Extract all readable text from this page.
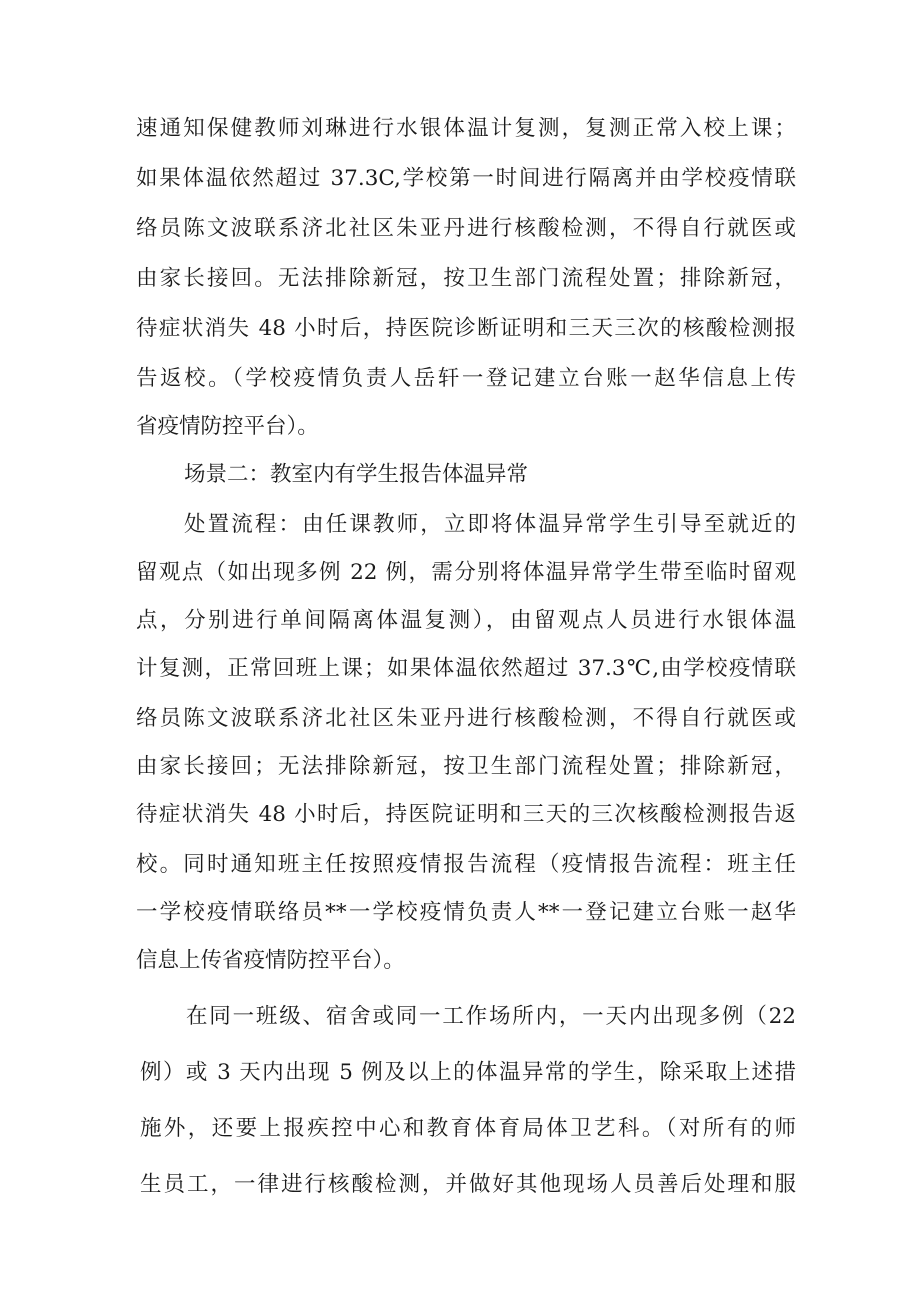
速通知保健教师刘琳进行水银体温计复测，复测正常入校上课；

如果体温依然超过 37.3C,学校第一时间进行隔离并由学校疫情联

络员陈文波联系济北社区朱亚丹进行核酸检测，不得自行就医或

由家长接回。无法排除新冠，按卫生部门流程处置；排除新冠，

待症状消失 48 小时后，持医院诊断证明和三天三次的核酸检测报

告返校。（学校疫情负责人岳轩一登记建立台账一赵华信息上传

省疫情防控平台）。

场景二：教室内有学生报告体温异常

处置流程：由任课教师，立即将体温异常学生引导至就近的

留观点（如出现多例 22 例，需分别将体温异常学生带至临时留观

点，分别进行单间隔离体温复测），由留观点人员进行水银体温

计复测，正常回班上课；如果体温依然超过 37.3℃,由学校疫情联

络员陈文波联系济北社区朱亚丹进行核酸检测，不得自行就医或

由家长接回；无法排除新冠，按卫生部门流程处置；排除新冠，

待症状消失 48 小时后，持医院证明和三天的三次核酸检测报告返

校。同时通知班主任按照疫情报告流程（疫情报告流程：班主任

一学校疫情联络员**一学校疫情负责人**一登记建立台账一赵华

信息上传省疫情防控平台）。

在同一班级、宿舍或同一工作场所内，一天内出现多例（22

例）或 3 天内出现 5 例及以上的体温异常的学生，除采取上述措

施外，还要上报疾控中心和教育体育局体卫艺科。（对所有的师

生员工，一律进行核酸检测，并做好其他现场人员善后处理和服
